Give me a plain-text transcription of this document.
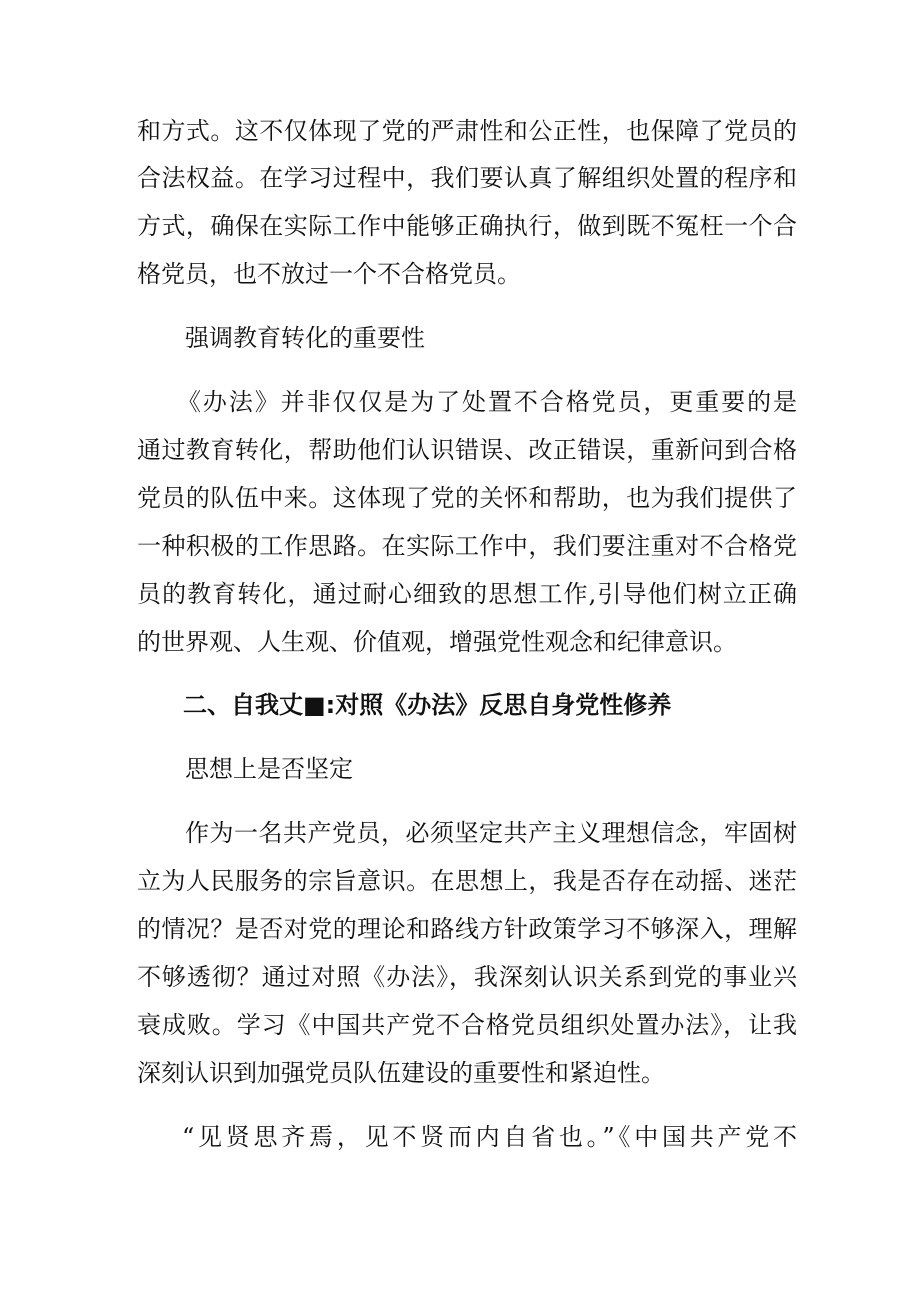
和方式。这不仅体现了党的严肃性和公正性，也保障了党员的
合法权益。在学习过程中，我们要认真了解组织处置的程序和
方式，确保在实际工作中能够正确执行，做到既不冤枉一个合
格党员，也不放过一个不合格党员。
强调教育转化的重要性
《办法》并非仅仅是为了处置不合格党员，更重要的是
通过教育转化，帮助他们认识错误、改正错误，重新问到合格
党员的队伍中来。这体现了党的关怀和帮助，也为我们提供了
一种积极的工作思路。在实际工作中，我们要注重对不合格党
员的教育转化，通过耐心细致的思想工作,引导他们树立正确
的世界观、人生观、价值观，增强党性观念和纪律意识。
二、自我丈■:对照《办法》反思自身党性修养
思想上是否坚定
作为一名共产党员，必须坚定共产主义理想信念，牢固树
立为人民服务的宗旨意识。在思想上，我是否存在动摇、迷茫
的情况？是否对党的理论和路线方针政策学习不够深入，理解
不够透彻？通过对照《办法》，我深刻认识关系到党的事业兴
衰成败。学习《中国共产党不合格党员组织处置办法》，让我
深刻认识到加强党员队伍建设的重要性和紧迫性。
“见贤思齐焉，见不贤而内自省也。”《中国共产党不
